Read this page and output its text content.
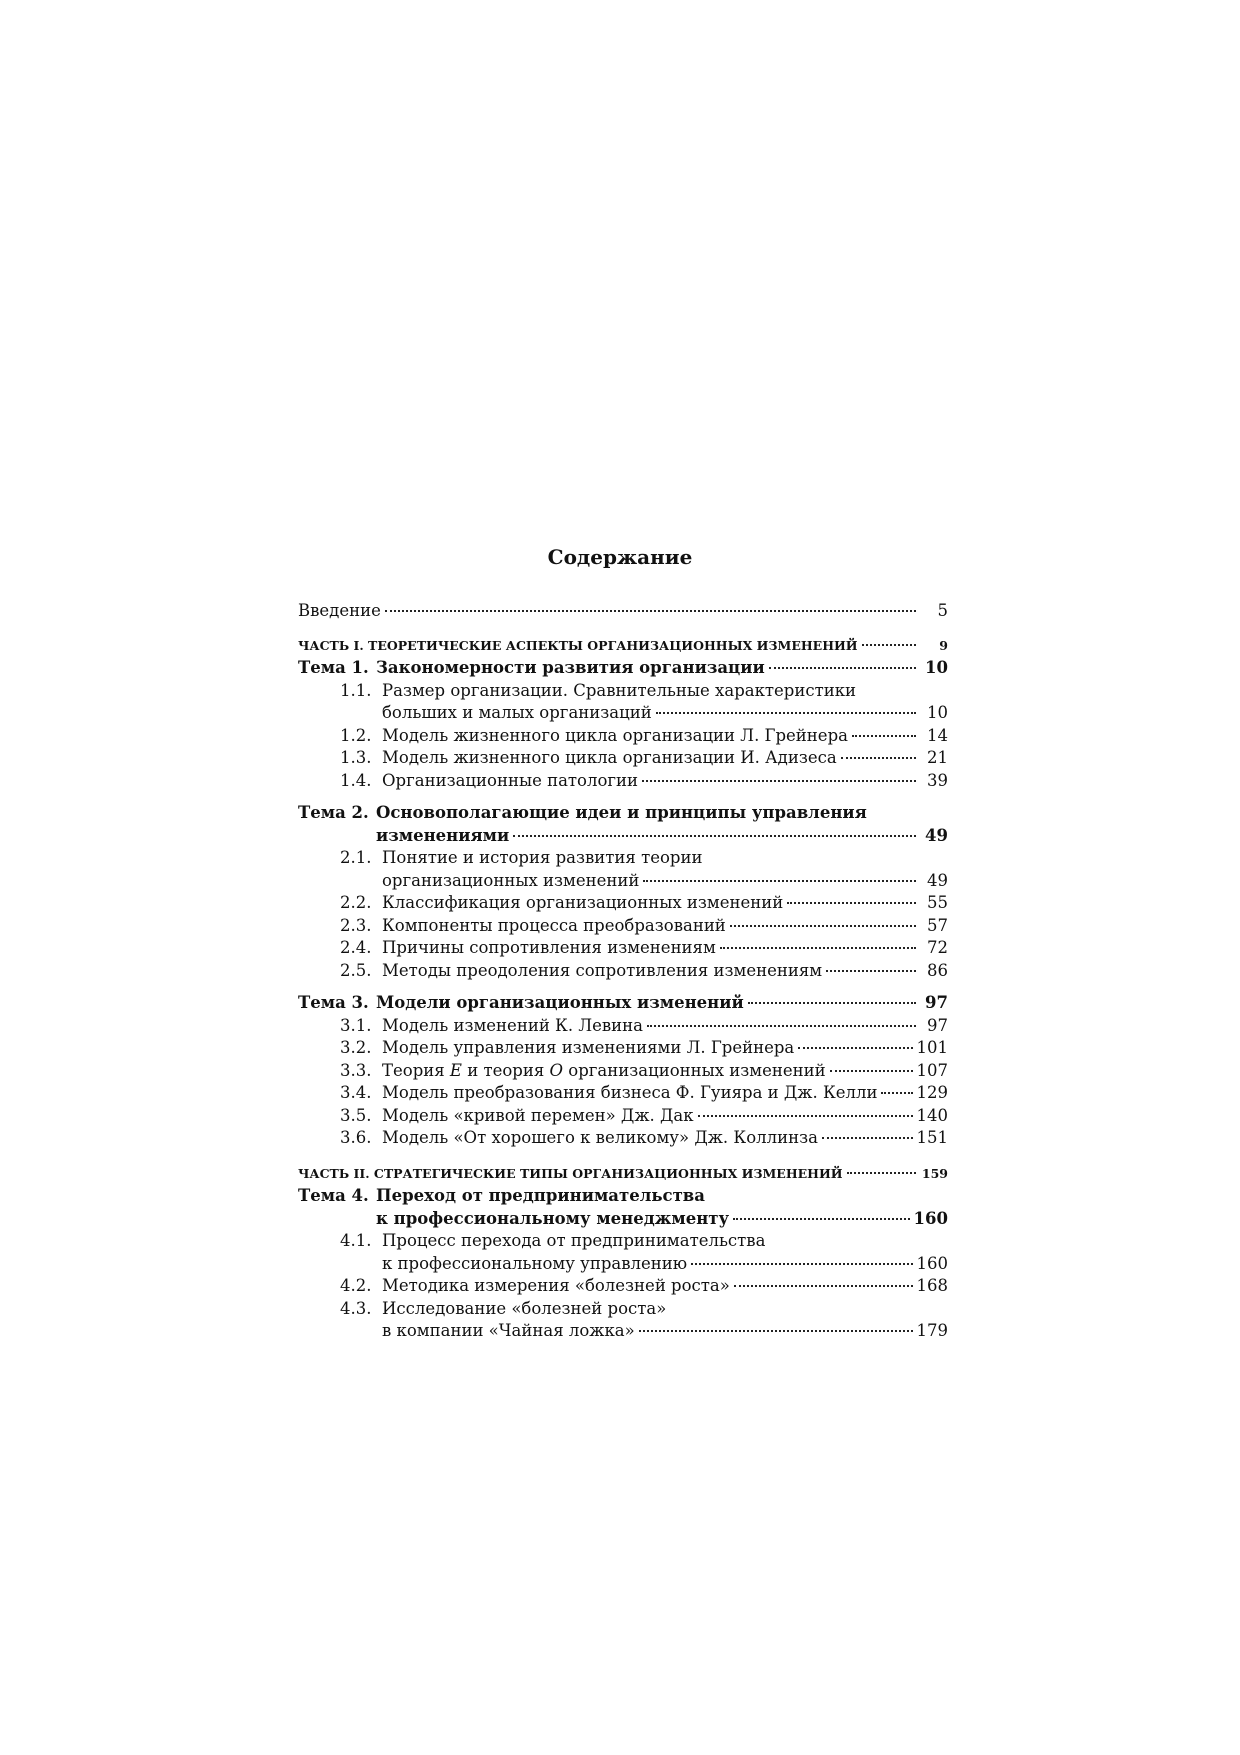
Содержание
Введение	5
ЧАСТЬ I. ТЕОРЕТИЧЕСКИЕ АСПЕКТЫ ОРГАНИЗАЦИОННЫХ ИЗМЕНЕНИЙ	9
Тема 1. Закономерности развития организации	10
1.1. Размер организации. Сравнительные характеристики
больших и малых организаций	10
1.2. Модель жизненного цикла организации Л. Грейнера	14
1.3. Модель жизненного цикла организации И. Адизеса	21
1.4. Организационные патологии	39
Тема 2. Основополагающие идеи и принципы управления
изменениями	49
2.1. Понятие и история развития теории
организационных изменений	49
2.2. Классификация организационных изменений	55
2.3. Компоненты процесса преобразований	57
2.4. Причины сопротивления изменениям	72
2.5. Методы преодоления сопротивления изменениям	86
Тема 3. Модели организационных изменений	97
3.1. Модель изменений К. Левина	97
3.2. Модель управления изменениями Л. Грейнера	101
3.3. Теория E и теория O организационных изменений	107
3.4. Модель преобразования бизнеса Ф. Гуияра и Дж. Келли 129
3.5. Модель «кривой перемен» Дж. Дак	140
3.6. Модель «От хорошего к великому» Дж. Коллинза	151
ЧАСТЬ II. СТРАТЕГИЧЕСКИЕ ТИПЫ ОРГАНИЗАЦИОННЫХ ИЗМЕНЕНИЙ	159
Тема 4. Переход от предпринимательства
к профессиональному менеджменту	160
4.1. Процесс перехода от предпринимательства
к профессиональному управлению	160
4.2. Методика измерения «болезней роста»	168
4.3. Исследование «болезней роста»
в компании «Чайная ложка»	179
